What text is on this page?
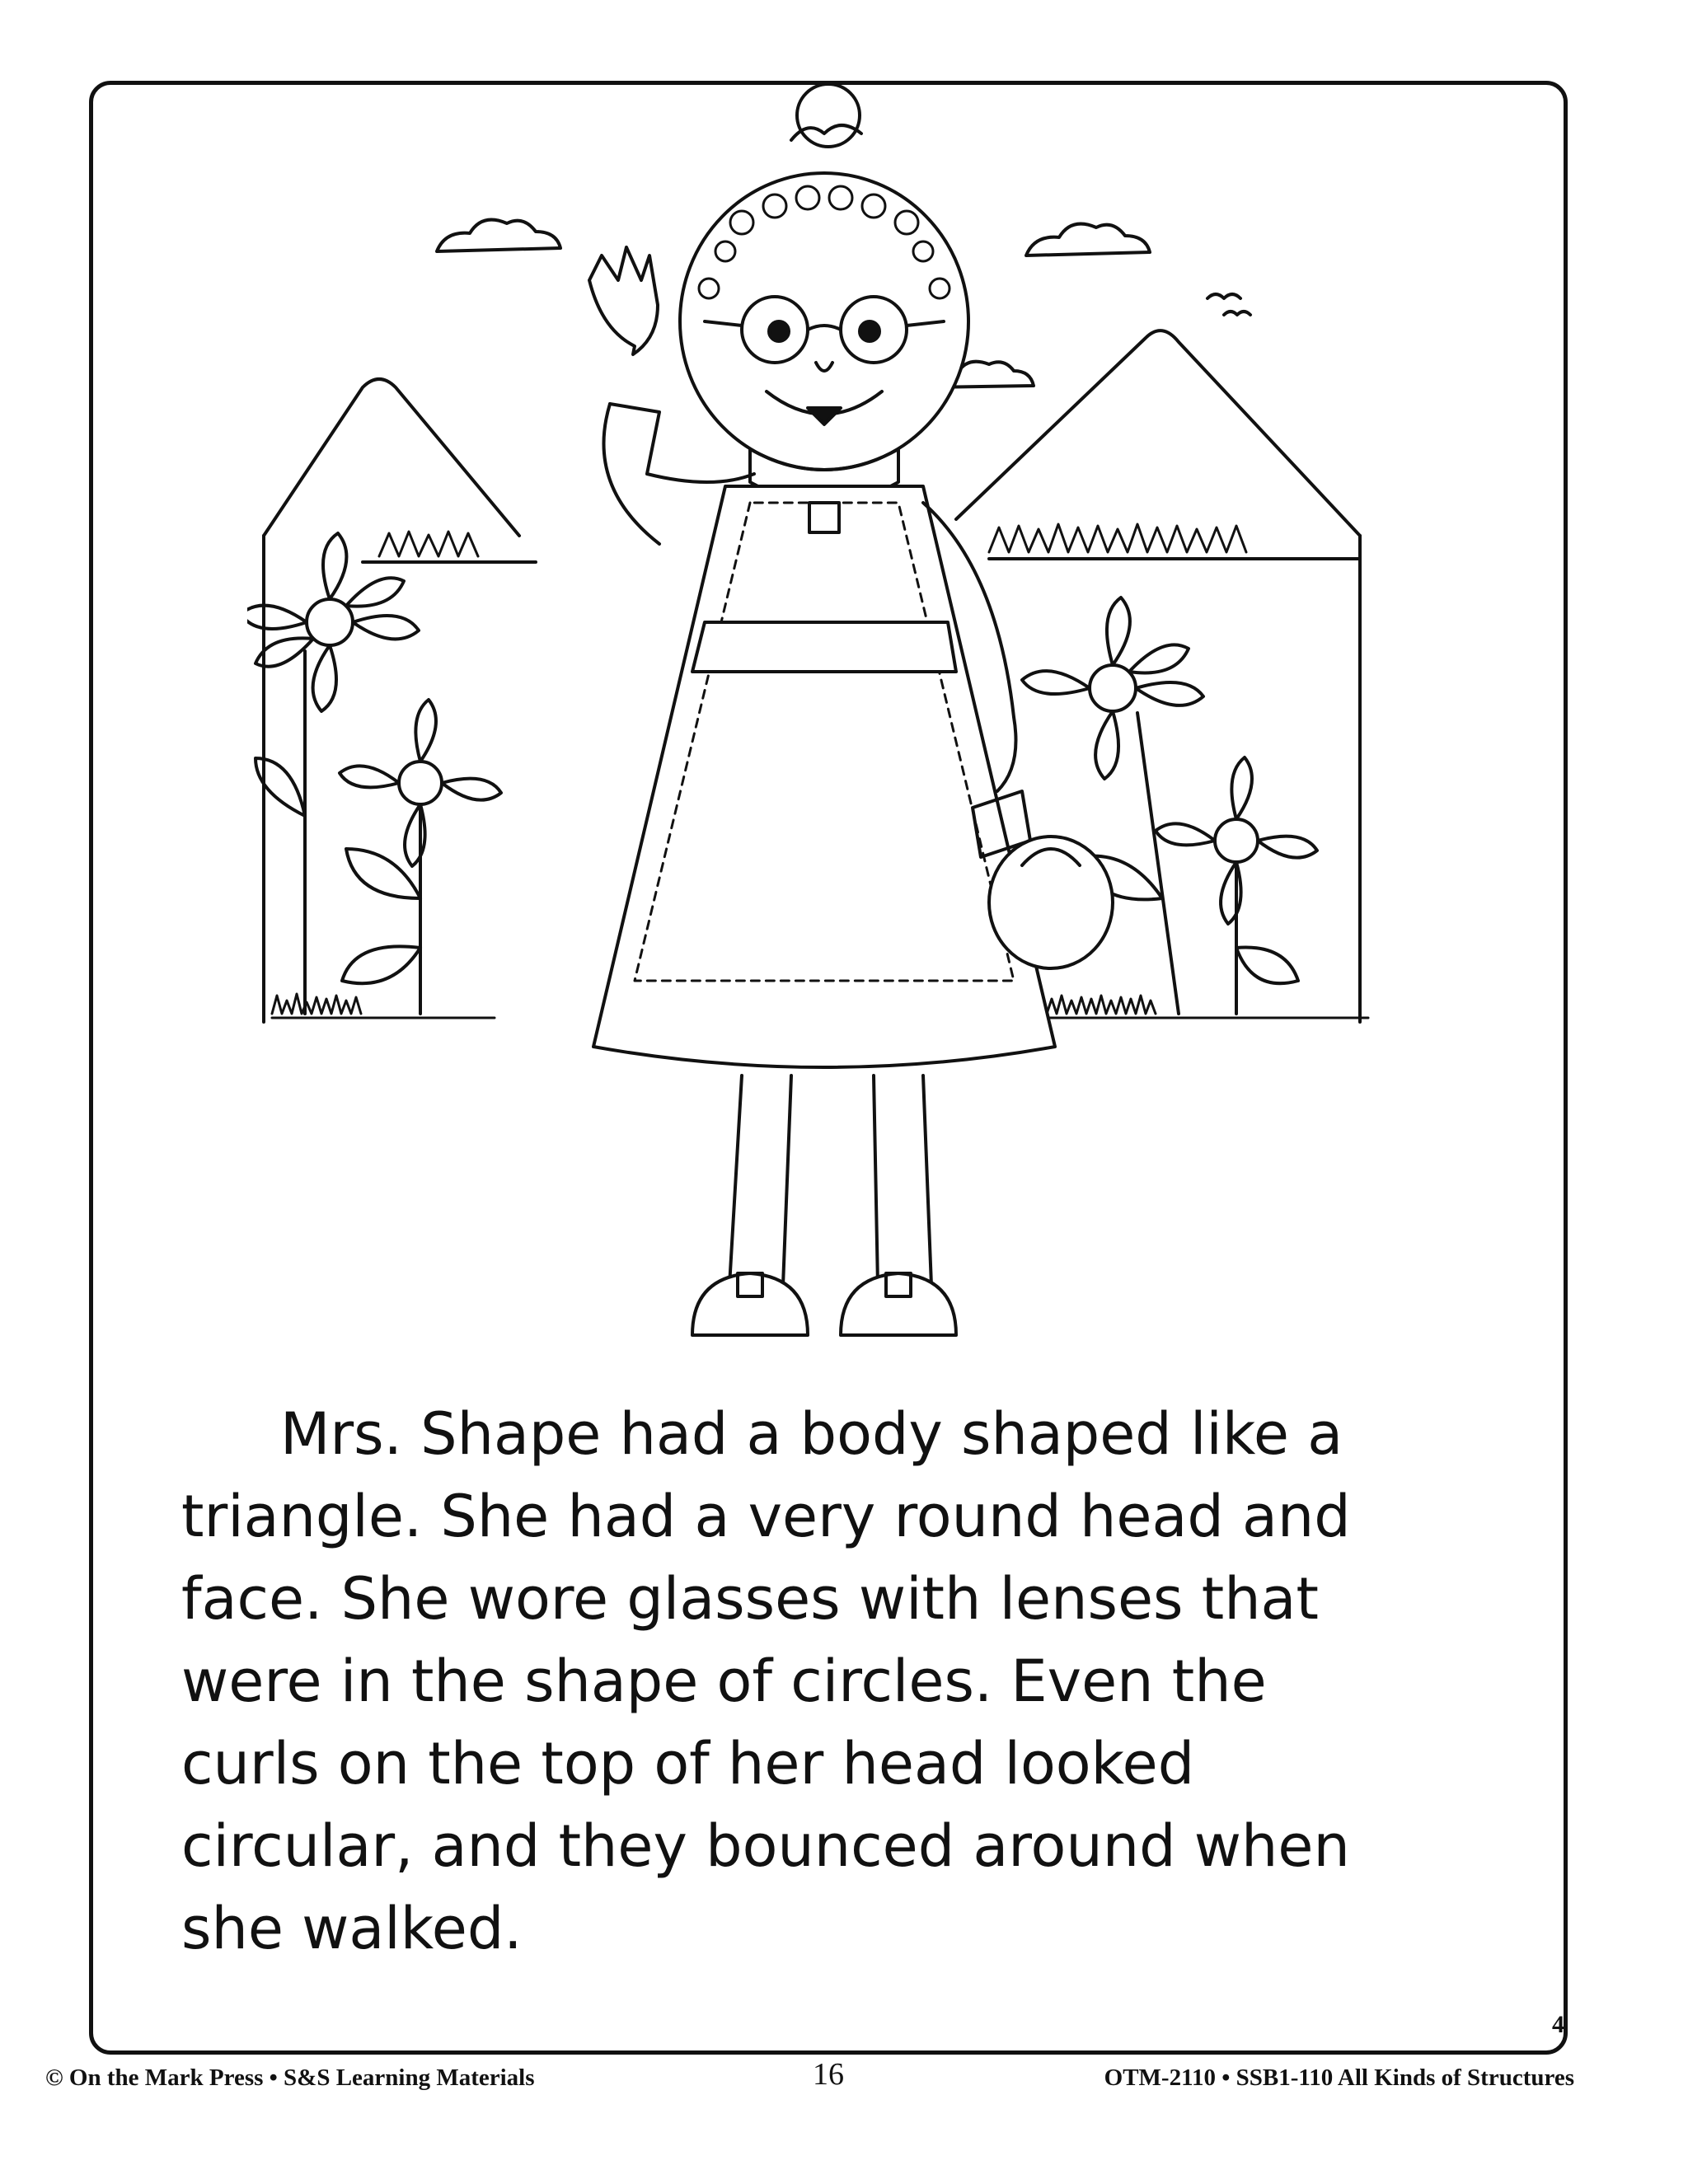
Mrs. Shape had a body shaped like a
triangle. She had a very round head and
face. She wore glasses with lenses that
were in the shape of circles. Even the
curls on the top of her head looked
circular, and they bounced around when
she walked.
4
© On the Mark Press • S&S Learning Materials	16	OTM-2110 • SSB1-110 All Kinds of Structures
